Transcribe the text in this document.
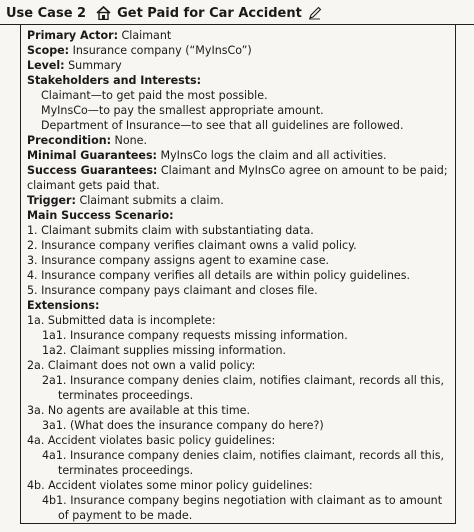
Use Case 2 Get Paid for Car Accident
Primary Actor: Claimant
Scope: Insurance company (“MyInsCo”)
Level: Summary
Stakeholders and Interests:
Claimant—to get paid the most possible.
MyInsCo—to pay the smallest appropriate amount.
Department of Insurance—to see that all guidelines are followed.
Precondition: None.
Minimal Guarantees: MyInsCo logs the claim and all activities.
Success Guarantees: Claimant and MyInsCo agree on amount to be paid; claimant gets paid that.
Trigger: Claimant submits a claim.
Main Success Scenario:
1. Claimant submits claim with substantiating data.
2. Insurance company verifies claimant owns a valid policy.
3. Insurance company assigns agent to examine case.
4. Insurance company verifies all details are within policy guidelines.
5. Insurance company pays claimant and closes file.
Extensions:
1a. Submitted data is incomplete:
1a1. Insurance company requests missing information.
1a2. Claimant supplies missing information.
2a. Claimant does not own a valid policy:
2a1. Insurance company denies claim, notifies claimant, records all this, terminates proceedings.
3a. No agents are available at this time.
3a1. (What does the insurance company do here?)
4a. Accident violates basic policy guidelines:
4a1. Insurance company denies claim, notifies claimant, records all this, terminates proceedings.
4b. Accident violates some minor policy guidelines:
4b1. Insurance company begins negotiation with claimant as to amount of payment to be made.
